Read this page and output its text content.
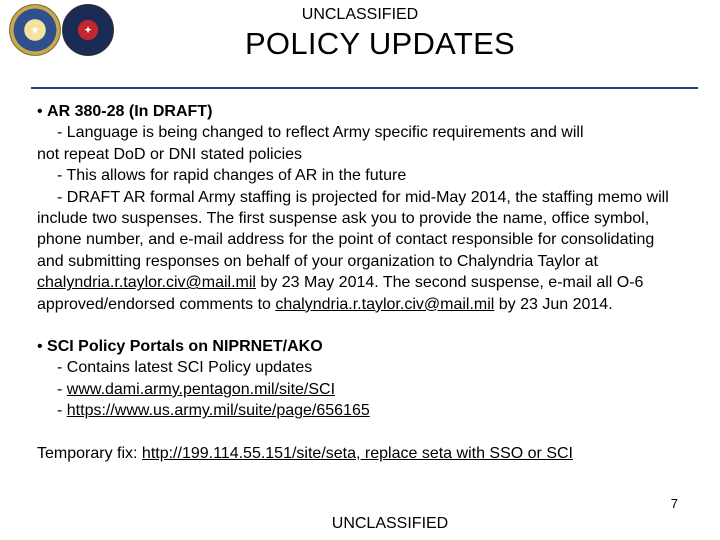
★	✦
UNCLASSIFIED
POLICY UPDATES

• AR 380-28 (In DRAFT)

- Language is being changed to reflect Army specific requirements and will

not repeat DoD or DNI stated policies

- This allows for rapid changes of AR in the future

- DRAFT AR formal Army staffing is projected for mid-May 2014, the staffing memo will include two suspenses. The first suspense ask you to provide the name, office symbol, phone number, and e-mail address for the point of contact responsible for consolidating and submitting responses on behalf of your organization to Chalyndria Taylor at chalyndria.r.taylor.civ@mail.mil by 23 May 2014. The second suspense, e-mail all O-6 approved/endorsed comments to chalyndria.r.taylor.civ@mail.mil by 23 Jun 2014.

• SCI Policy Portals on NIPRNET/AKO

- Contains latest SCI Policy updates

- www.dami.army.pentagon.mil/site/SCI

- https://www.us.army.mil/suite/page/656165

Temporary fix: http://199.114.55.151/site/seta, replace seta with SSO or SCI

7
UNCLASSIFIED
